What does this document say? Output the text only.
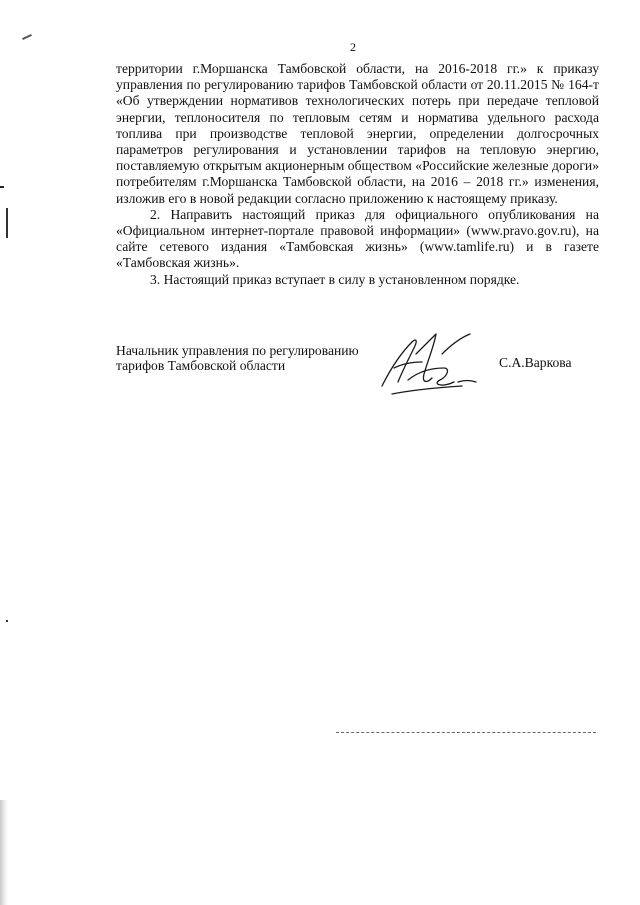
2

территории г.Моршанска Тамбовской области, на 2016-2018 гг.» к приказу управления по регулированию тарифов Тамбовской области от 20.11.2015 № 164-т «Об утверждении нормативов технологических потерь при передаче тепловой энергии, теплоносителя по тепловым сетям и норматива удельного расхода топлива при производстве тепловой энергии, определении долгосрочных параметров регулирования и установлении тарифов на тепловую энергию, поставляемую открытым акционерным обществом «Российские железные дороги» потребителям г.Моршанска Тамбовской области, на 2016 – 2018 гг.» изменения, изложив его в новой редакции согласно приложению к настоящему приказу.

2. Направить настоящий приказ для официального опубликования на «Официальном интернет-портале правовой информации» (www.pravo.gov.ru), на сайте сетевого издания «Тамбовская жизнь» (www.tamlife.ru) и в газете «Тамбовская жизнь».

3. Настоящий приказ вступает в силу в установленном порядке.

Начальник управления по регулированию
тарифов Тамбовской области	С.А.Варкова
